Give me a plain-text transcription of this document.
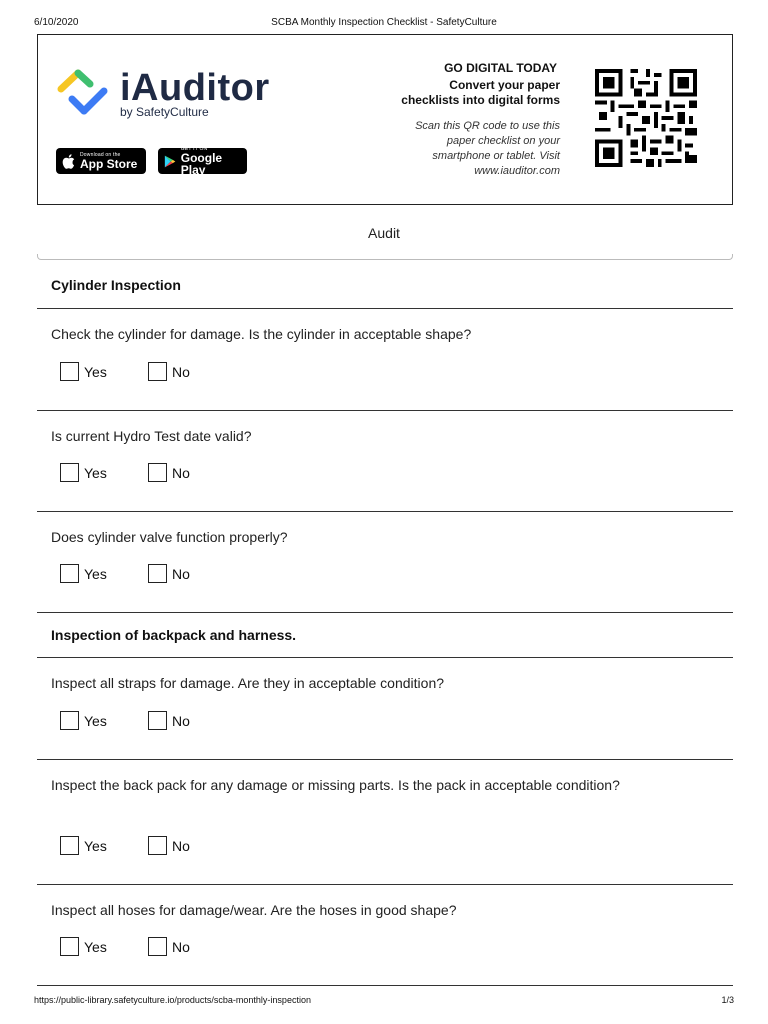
6/10/2020	SCBA Monthly Inspection Checklist - SafetyCulture
iAuditor
by SafetyCulture
Download on the
App Store
GET IT ON
Google Play
GO DIGITAL TODAY
Convert your paper
checklists into digital forms
Scan this QR code to use this paper checklist on your smartphone or tablet. Visit www.iauditor.com
Audit
Cylinder Inspection
Check the cylinder for damage. Is the cylinder in acceptable shape?
Yes	No
Is current Hydro Test date valid?
Yes	No
Does cylinder valve function properly?
Yes	No
Inspection of backpack and harness.
Inspect all straps for damage. Are they in acceptable condition?
Yes	No
Inspect the back pack for any damage or missing parts. Is the pack in acceptable condition?
Yes	No
Inspect all hoses for damage/wear. Are the hoses in good shape?
Yes	No
https://public-library.safetyculture.io/products/scba-monthly-inspection	1/3
